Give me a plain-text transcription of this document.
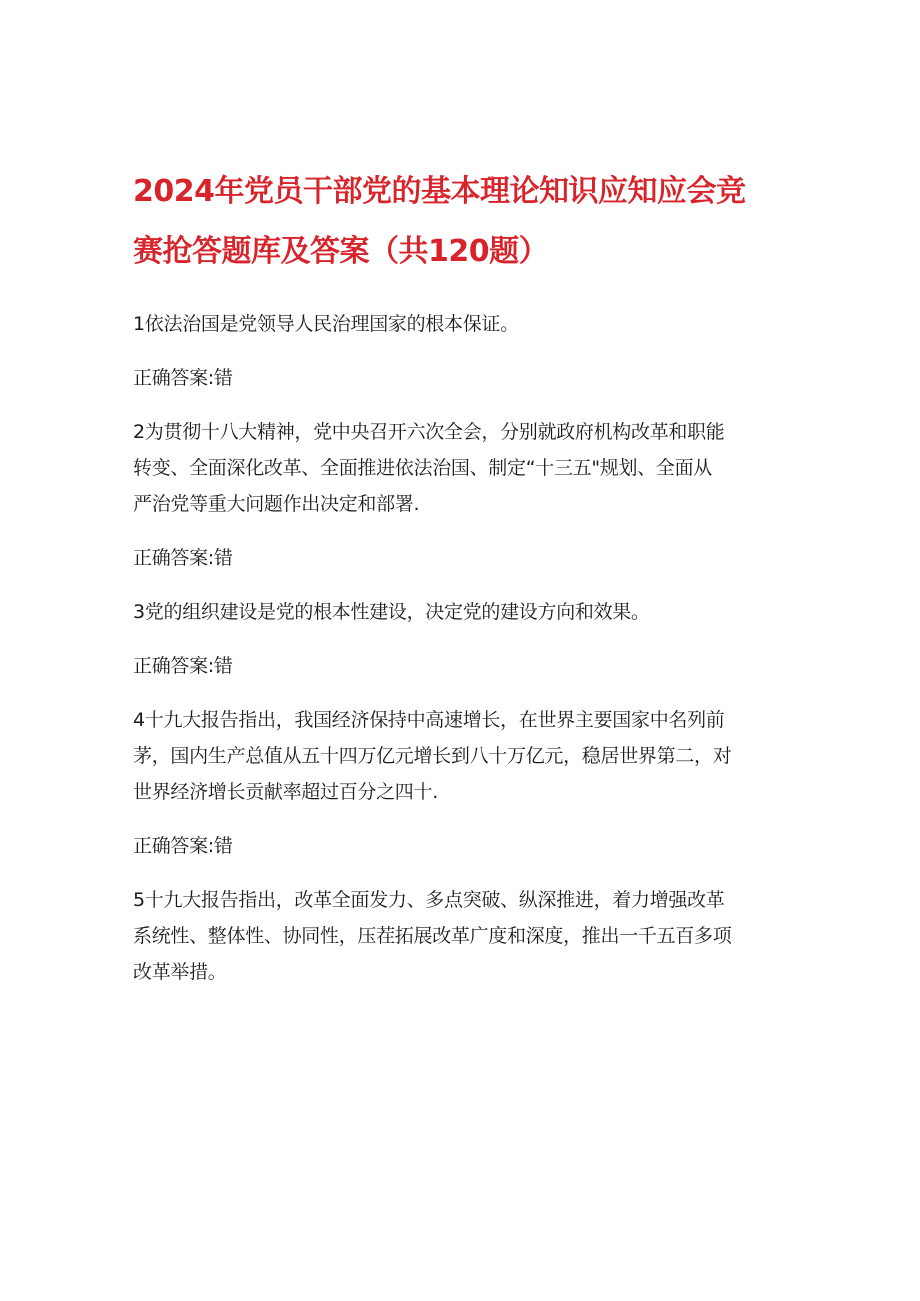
2024年党员干部党的基本理论知识应知应会竞
赛抢答题库及答案（共120题）

1依法治国是党领导人民治理国家的根本保证。

正确答案:错

2为贯彻十八大精神，党中央召开六次全会，分别就政府机构改革和职能
转变、全面深化改革、全面推进依法治国、制定“十三五"规划、全面从
严治党等重大问题作出决定和部署.

正确答案:错

3党的组织建设是党的根本性建设，决定党的建设方向和效果。

正确答案:错

4十九大报告指出，我国经济保持中高速增长，在世界主要国家中名列前
茅，国内生产总值从五十四万亿元增长到八十万亿元，稳居世界第二，对
世界经济增长贡献率超过百分之四十.

正确答案:错

5十九大报告指出，改革全面发力、多点突破、纵深推进，着力增强改革
系统性、整体性、协同性，压茬拓展改革广度和深度，推出一千五百多项
改革举措。
